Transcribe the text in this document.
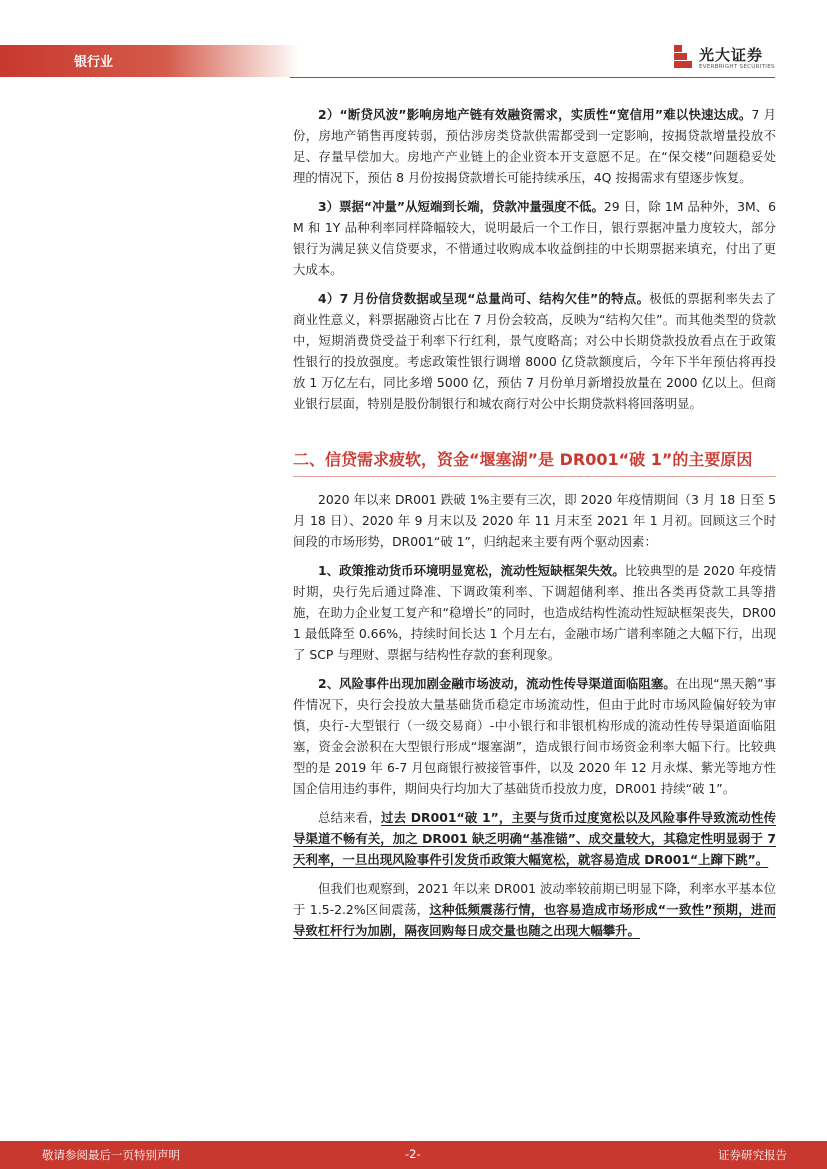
银行业	光大证券
EVERBRIGHT SECURITIES

2）“断贷风波”影响房地产链有效融资需求，实质性“宽信用”难以快速达成。7 月份，房地产销售再度转弱，预估涉房类贷款供需都受到一定影响，按揭贷款增量投放不足、存量早偿加大。房地产产业链上的企业资本开支意愿不足。在“保交楼”问题稳妥处理的情况下，预估 8 月份按揭贷款增长可能持续承压，4Q 按揭需求有望逐步恢复。

3）票据“冲量”从短端到长端，贷款冲量强度不低。29 日，除 1M 品种外，3M、6M 和 1Y 品种利率同样降幅较大，说明最后一个工作日，银行票据冲量力度较大，部分银行为满足狭义信贷要求，不惜通过收购成本收益倒挂的中长期票据来填充，付出了更大成本。

4）7 月份信贷数据或呈现“总量尚可、结构欠佳”的特点。极低的票据利率失去了商业性意义，料票据融资占比在 7 月份会较高，反映为“结构欠佳”。而其他类型的贷款中，短期消费贷受益于利率下行红利，景气度略高；对公中长期贷款投放看点在于政策性银行的投放强度。考虑政策性银行调增 8000 亿贷款额度后，今年下半年预估将再投放 1 万亿左右，同比多增 5000 亿，预估 7 月份单月新增投放量在 2000 亿以上。但商业银行层面，特别是股份制银行和城农商行对公中长期贷款料将回落明显。

二、信贷需求疲软，资金“堰塞湖”是 DR001“破 1”的主要原因

2020 年以来 DR001 跌破 1%主要有三次，即 2020 年疫情期间（3 月 18 日至 5 月 18 日）、2020 年 9 月末以及 2020 年 11 月末至 2021 年 1 月初。回顾这三个时间段的市场形势，DR001“破 1”，归纳起来主要有两个驱动因素：

1、政策推动货币环境明显宽松，流动性短缺框架失效。比较典型的是 2020 年疫情时期，央行先后通过降准、下调政策利率、下调超储利率、推出各类再贷款工具等措施，在助力企业复工复产和“稳增长”的同时，也造成结构性流动性短缺框架丧失，DR001 最低降至 0.66%，持续时间长达 1 个月左右，金融市场广谱利率随之大幅下行，出现了 SCP 与理财、票据与结构性存款的套利现象。

2、风险事件出现加剧金融市场波动，流动性传导渠道面临阻塞。在出现“黑天鹅”事件情况下，央行会投放大量基础货币稳定市场流动性，但由于此时市场风险偏好较为审慎，央行-大型银行（一级交易商）-中小银行和非银机构形成的流动性传导渠道面临阻塞，资金会淤积在大型银行形成“堰塞湖”，造成银行间市场资金利率大幅下行。比较典型的是 2019 年 6-7 月包商银行被接管事件，以及 2020 年 12 月永煤、紫光等地方性国企信用违约事件，期间央行均加大了基础货币投放力度，DR001 持续“破 1”。

总结来看，过去 DR001“破 1”，主要与货币过度宽松以及风险事件导致流动性传导渠道不畅有关，加之 DR001 缺乏明确“基准锚”、成交量较大，其稳定性明显弱于 7 天利率，一旦出现风险事件引发货币政策大幅宽松，就容易造成 DR001“上蹿下跳”。

但我们也观察到，2021 年以来 DR001 波动率较前期已明显下降，利率水平基本位于 1.5-2.2%区间震荡，这种低频震荡行情，也容易造成市场形成“一致性”预期，进而导致杠杆行为加剧，隔夜回购每日成交量也随之出现大幅攀升。

敬请参阅最后一页特别声明	-2-	证券研究报告
